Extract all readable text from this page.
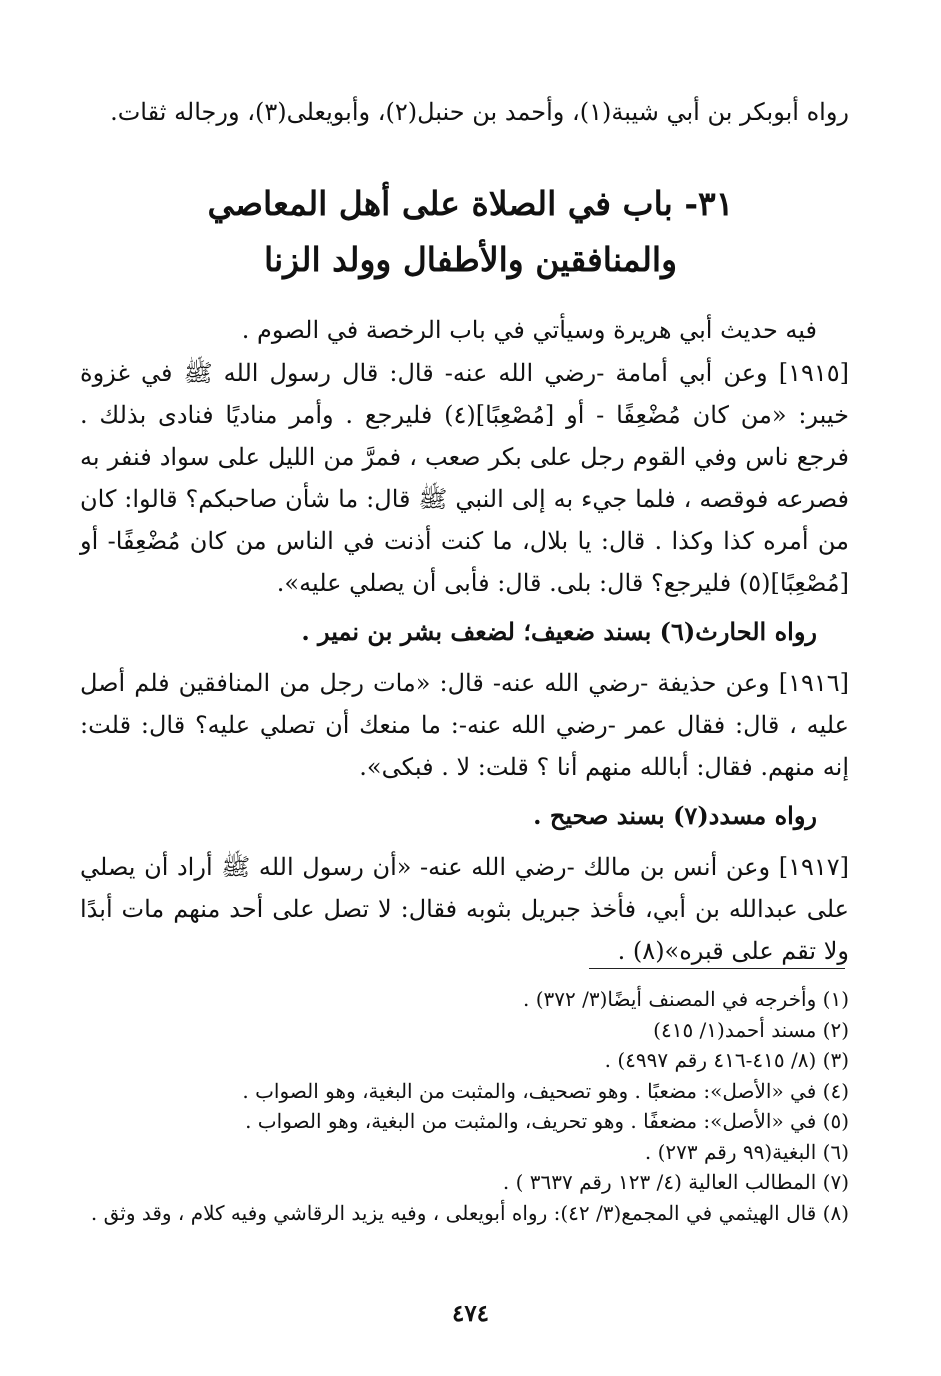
رواه أبوبكر بن أبي شيبة(١)، وأحمد بن حنبل(٢)، وأبويعلى(٣)، ورجاله ثقات.
٣١- باب في الصلاة على أهل المعاصي
والمنافقين والأطفال وولد الزنا

فيه حديث أبي هريرة وسيأتي في باب الرخصة في الصوم .

[١٩١٥] وعن أبي أمامة -رضي الله عنه- قال: قال رسول الله ﷺ في غزوة خيبر: «من كان مُضْعِفًا - أو [مُصْعِبًا](٤) فليرجع . وأمر مناديًا فنادى بذلك . فرجع ناس وفي القوم رجل على بكر صعب ، فمرَّ من الليل على سواد فنفر به فصرعه فوقصه ، فلما جيء به إلى النبي ﷺ قال: ما شأن صاحبكم؟ قالوا: كان من أمره كذا وكذا . قال: يا بلال، ما كنت أذنت في الناس من كان مُضْعِفًا- أو [مُصْعِبًا](٥) فليرجع؟ قال: بلى. قال: فأبى أن يصلي عليه».

رواه الحارث(٦) بسند ضعيف؛ لضعف بشر بن نمير .

[١٩١٦] وعن حذيفة -رضي الله عنه- قال: «مات رجل من المنافقين فلم أصل عليه ، قال: فقال عمر -رضي الله عنه-: ما منعك أن تصلي عليه؟ قال: قلت: إنه منهم. فقال: أبالله منهم أنا ؟ قلت: لا . فبكى».

رواه مسدد(٧) بسند صحيح .

[١٩١٧] وعن أنس بن مالك -رضي الله عنه- «أن رسول الله ﷺ أراد أن يصلي على عبدالله بن أبي، فأخذ جبريل بثوبه فقال: لا تصل على أحد منهم مات أبدًا ولا تقم على قبره»(٨) .

(١) وأخرجه في المصنف أيضًا(٣/ ٣٧٢) .
(٢) مسند أحمد(١/ ٤١٥)
(٣) (٨/ ٤١٥-٤١٦ رقم ٤٩٩٧) .
(٤) في «الأصل»: مضعبًا . وهو تصحيف، والمثبت من البغية، وهو الصواب .
(٥) في «الأصل»: مضعفًا . وهو تحريف، والمثبت من البغية، وهو الصواب .
(٦) البغية(٩٩ رقم ٢٧٣) .
(٧) المطالب العالية (٤/ ١٢٣ رقم ٣٦٣٧ ) .
(٨) قال الهيثمي في المجمع(٣/ ٤٢): رواه أبويعلى ، وفيه يزيد الرقاشي وفيه كلام ، وقد وثق .
٤٧٤
